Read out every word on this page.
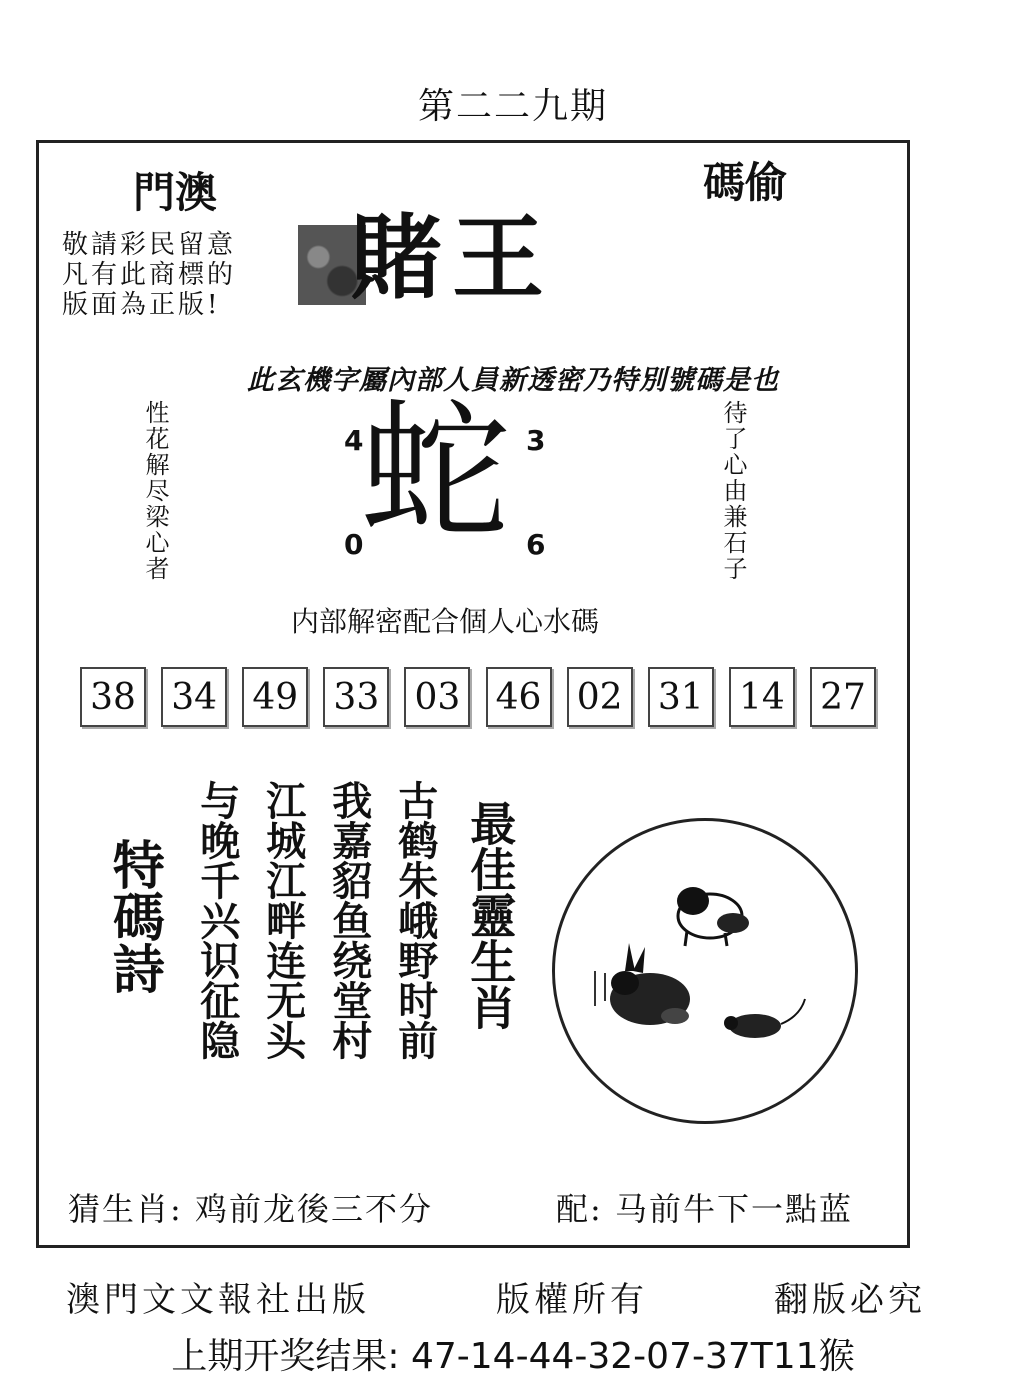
第二二九期
賭王
澳門	偷碼
敬請彩民留意
凡有此商標的
版面為正版!
此玄機字屬內部人員新透密乃特別號碼是也
性花解尽梁心者	待了心由兼石子
蛇
4	3
0	6
内部解密配合個人心水碼
38 34 49 33 03 46 02 31 14 27
特碼詩	古鹤朱峨野时前
我嘉貂鱼绕堂村
江城江畔连无头
与晚千兴识征隐	最佳靈生肖
猜生肖: 鸡前龙後三不分	配: 马前牛下一點蓝
澳門文文報社出版	版權所有	翻版必究
上期开奖结果: 47-14-44-32-07-37T11猴
